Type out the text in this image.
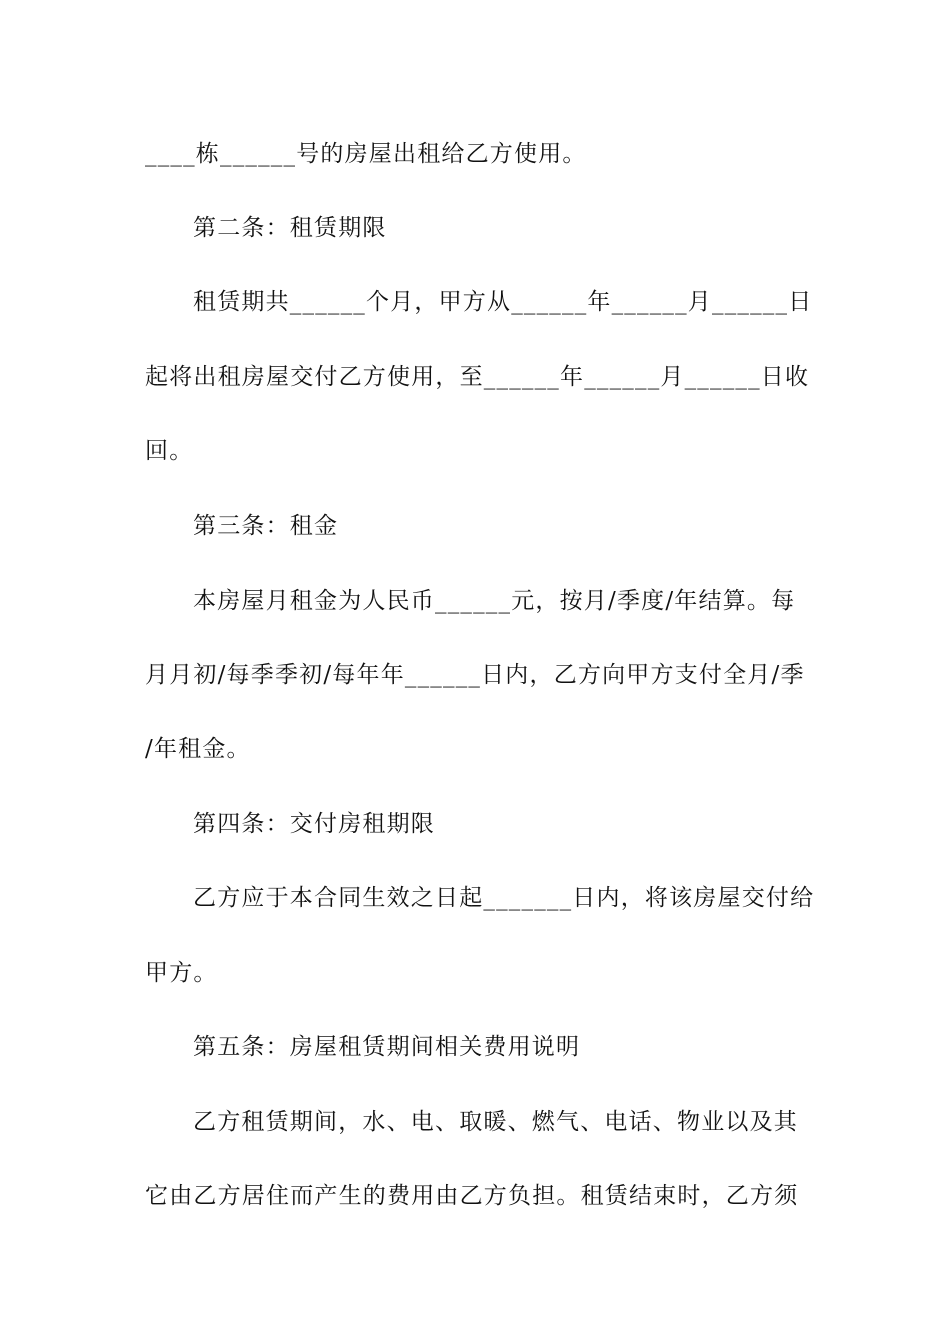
____栋______号的房屋出租给乙方使用。
第二条：租赁期限
租赁期共______个月，甲方从______年______月______日
起将出租房屋交付乙方使用，至______年______月______日收
回。
第三条：租金
本房屋月租金为人民币______元，按月/季度/年结算。每
月月初/每季季初/每年年______日内，乙方向甲方支付全月/季
/年租金。
第四条：交付房租期限
乙方应于本合同生效之日起_______日内，将该房屋交付给
甲方。
第五条：房屋租赁期间相关费用说明
乙方租赁期间，水、电、取暖、燃气、电话、物业以及其
它由乙方居住而产生的费用由乙方负担。租赁结束时，乙方须
